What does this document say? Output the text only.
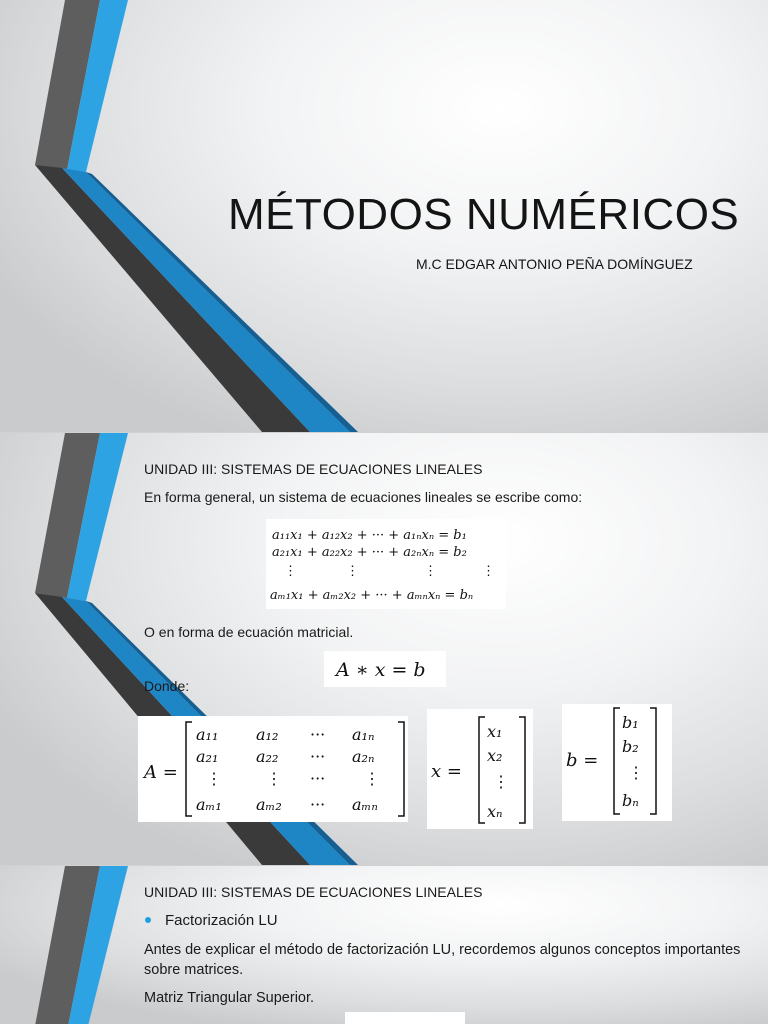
MÉTODOS NUMÉRICOS
M.C EDGAR ANTONIO PEÑA DOMÍNGUEZ
UNIDAD III: SISTEMAS DE ECUACIONES LINEALES
En forma general, un sistema de ecuaciones lineales se escribe como:
a₁₁x₁ + a₁₂x₂ + ··· + a₁ₙxₙ = b₁
a₂₁x₁ + a₂₂x₂ + ··· + a₂ₙxₙ = b₂
⋮	⋮	⋮	⋮
aₘ₁x₁ + aₘ₂x₂ + ··· + aₘₙxₙ = bₙ
O en forma de ecuación matricial.
A ∗ x = b
Donde:
A =
a₁₁ a₁₂ ··· a₁ₙ
a₂₁ a₂₂ ··· a₂ₙ
⋮	⋮ ··· ⋮
aₘ₁ aₘ₂ ··· aₘₙ
x =
x₁
x₂
⋮
xₙ
b =
b₁
b₂
⋮
bₙ
UNIDAD III: SISTEMAS DE ECUACIONES LINEALES
Factorización LU
Antes de explicar el método de factorización LU, recordemos algunos conceptos importantes sobre matrices.
Matriz Triangular Superior.
